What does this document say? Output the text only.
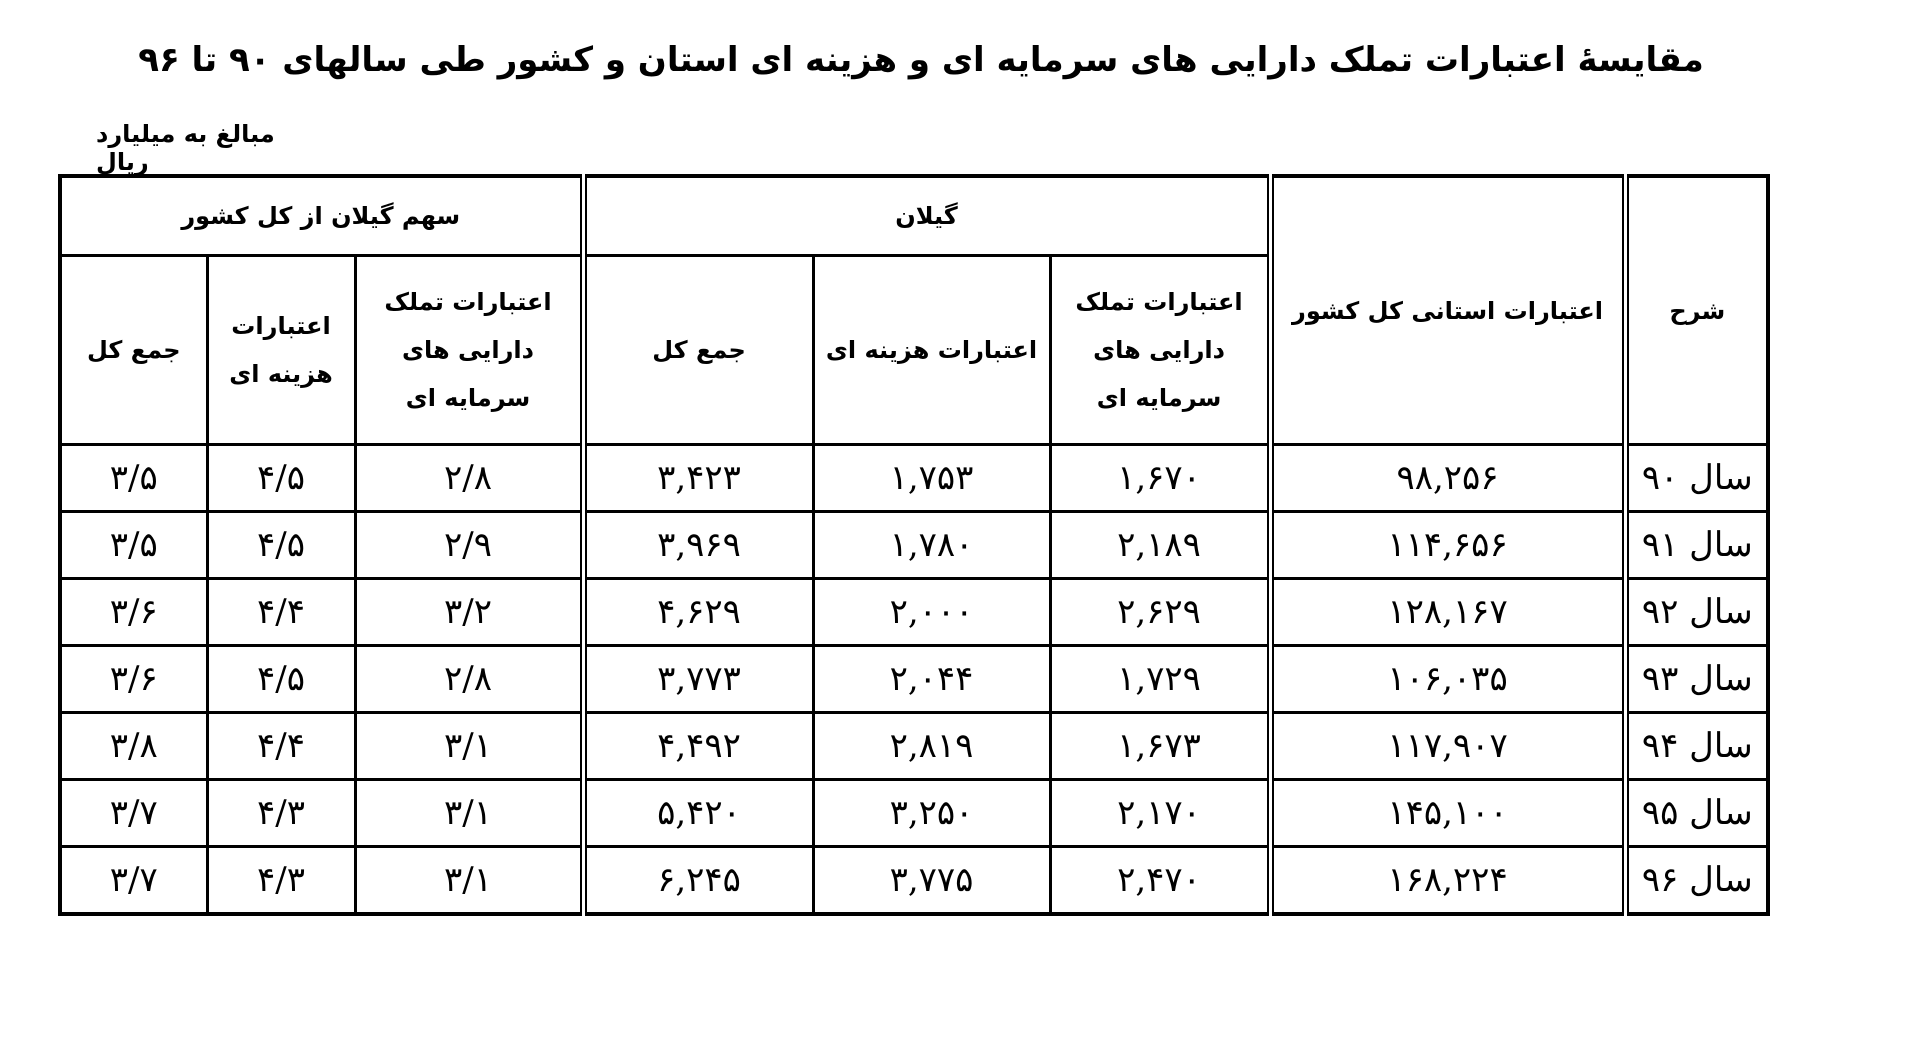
مقایسهٔ اعتبارات تملک دارایی های سرمایه ای و هزینه ای استان و کشور طی سالهای ۹۰ تا ۹۶
مبالغ به میلیارد ریال
شرح	اعتبارات استانی کل کشور	گیلان			سهم گیلان از کل کشور		
		اعتبارات تملک دارایی های سرمایه ای	اعتبارات هزینه ای	جمع کل	اعتبارات تملک دارایی های سرمایه ای	اعتبارات هزینه ای	جمع کل
سال ۹۰	۹۸,۲۵۶	۱,۶۷۰	۱,۷۵۳	۳,۴۲۳	۲/۸	۴/۵	۳/۵
سال ۹۱	۱۱۴,۶۵۶	۲,۱۸۹	۱,۷۸۰	۳,۹۶۹	۲/۹	۴/۵	۳/۵
سال ۹۲	۱۲۸,۱۶۷	۲,۶۲۹	۲,۰۰۰	۴,۶۲۹	۳/۲	۴/۴	۳/۶
سال ۹۳	۱۰۶,۰۳۵	۱,۷۲۹	۲,۰۴۴	۳,۷۷۳	۲/۸	۴/۵	۳/۶
سال ۹۴	۱۱۷,۹۰۷	۱,۶۷۳	۲,۸۱۹	۴,۴۹۲	۳/۱	۴/۴	۳/۸
سال ۹۵	۱۴۵,۱۰۰	۲,۱۷۰	۳,۲۵۰	۵,۴۲۰	۳/۱	۴/۳	۳/۷
سال ۹۶	۱۶۸,۲۲۴	۲,۴۷۰	۳,۷۷۵	۶,۲۴۵	۳/۱	۴/۳	۳/۷
